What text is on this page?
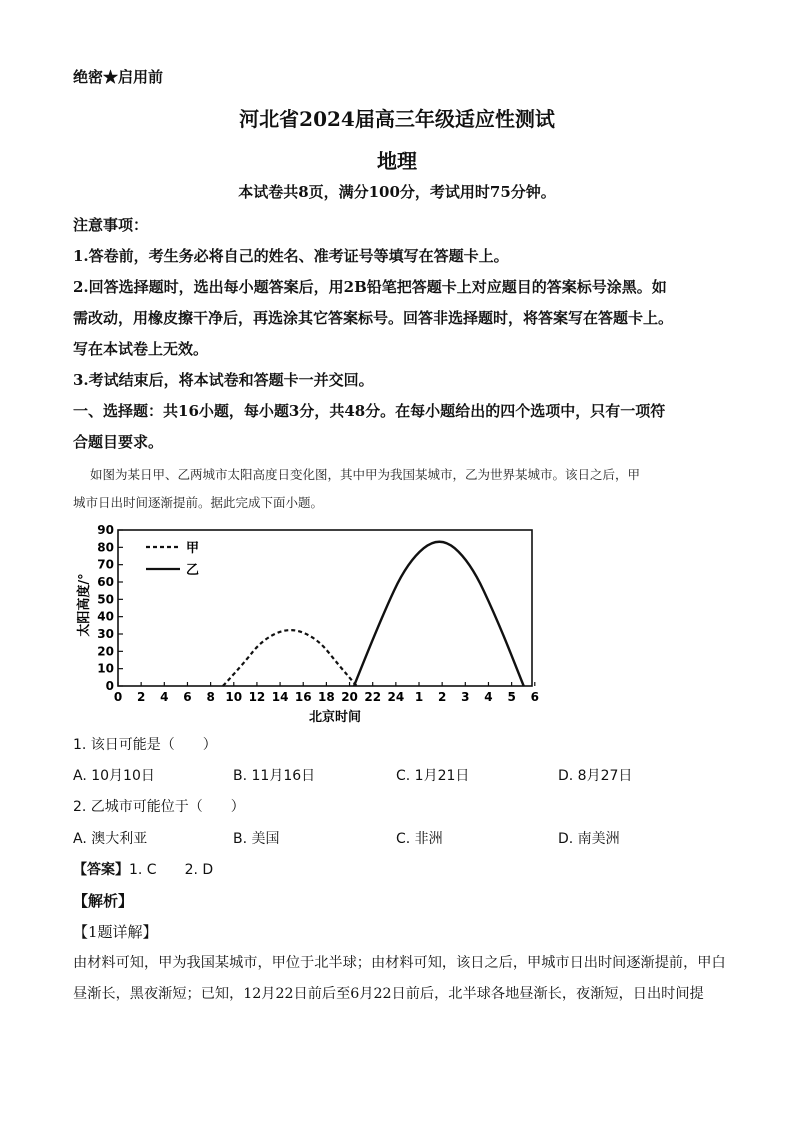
绝密★启用前
河北省2024届高三年级适应性测试
地理
本试卷共8页，满分100分，考试用时75分钟。
注意事项：
1.答卷前，考生务必将自己的姓名、准考证号等填写在答题卡上。
2.回答选择题时，选出每小题答案后，用2B铅笔把答题卡上对应题目的答案标号涂黑。如
需改动，用橡皮擦干净后，再选涂其它答案标号。回答非选择题时，将答案写在答题卡上。
写在本试卷上无效。
3.考试结束后，将本试卷和答题卡一并交回。
一、选择题：共16小题，每小题3分，共48分。在每小题给出的四个选项中，只有一项符
合题目要求。
如图为某日甲、乙两城市太阳高度日变化图，其中甲为我国某城市，乙为世界某城市。该日之后，甲
城市日出时间逐渐提前。据此完成下面小题。
0
10
20
30
40
50
60
70
80
90
0 2 4 6 8 10 12 14 16 18 20 22 24 1 2 3 4 5 6
甲
乙
北京时间
太阳高度/°
1. 该日可能是（　　）
A. 10月10日	B. 11月16日	C. 1月21日	D. 8月27日
2. 乙城市可能位于（　　）
A. 澳大利亚	B. 美国	C. 非洲	D. 南美洲
【答案】1. C　　2. D
【解析】
【1题详解】
由材料可知，甲为我国某城市，甲位于北半球；由材料可知，该日之后，甲城市日出时间逐渐提前，甲白
昼渐长，黑夜渐短；已知，12月22日前后至6月22日前后，北半球各地昼渐长，夜渐短，日出时间提
